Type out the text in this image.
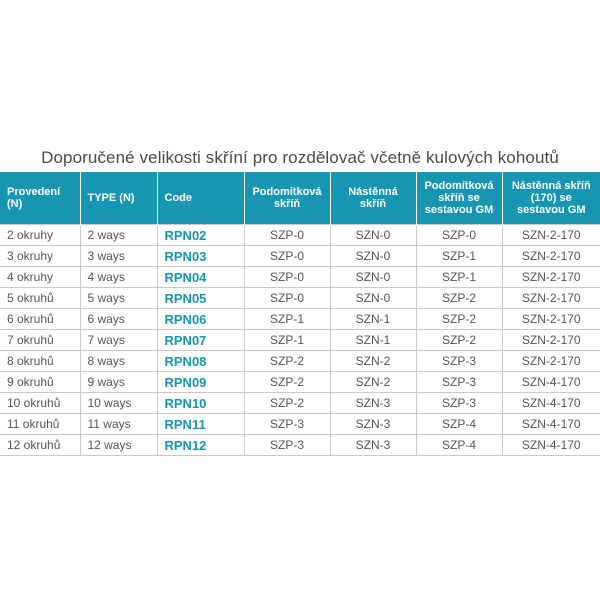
Doporučené velikosti skříní pro rozdělovač včetně kulových kohoutů
Provedení (N)	TYPE (N)	Code	Podomítková skříň	Nástěnná skříň	Podomítková skříň se sestavou GM	Nástěnná skříň (170) se sestavou GM
2 okruhy	2 ways	RPN02	SZP-0	SZN-0	SZP-0	SZN-2-170
3 okruhy	3 ways	RPN03	SZP-0	SZN-0	SZP-1	SZN-2-170
4 okruhy	4 ways	RPN04	SZP-0	SZN-0	SZP-1	SZN-2-170
5 okruhů	5 ways	RPN05	SZP-0	SZN-0	SZP-2	SZN-2-170
6 okruhů	6 ways	RPN06	SZP-1	SZN-1	SZP-2	SZN-2-170
7 okruhů	7 ways	RPN07	SZP-1	SZN-1	SZP-2	SZN-2-170
8 okruhů	8 ways	RPN08	SZP-2	SZN-2	SZP-3	SZN-2-170
9 okruhů	9 ways	RPN09	SZP-2	SZN-2	SZP-3	SZN-4-170
10 okruhů	10 ways	RPN10	SZP-2	SZN-3	SZP-3	SZN-4-170
11 okruhů	11 ways	RPN11	SZP-3	SZN-3	SZP-4	SZN-4-170
12 okruhů	12 ways	RPN12	SZP-3	SZN-3	SZP-4	SZN-4-170
